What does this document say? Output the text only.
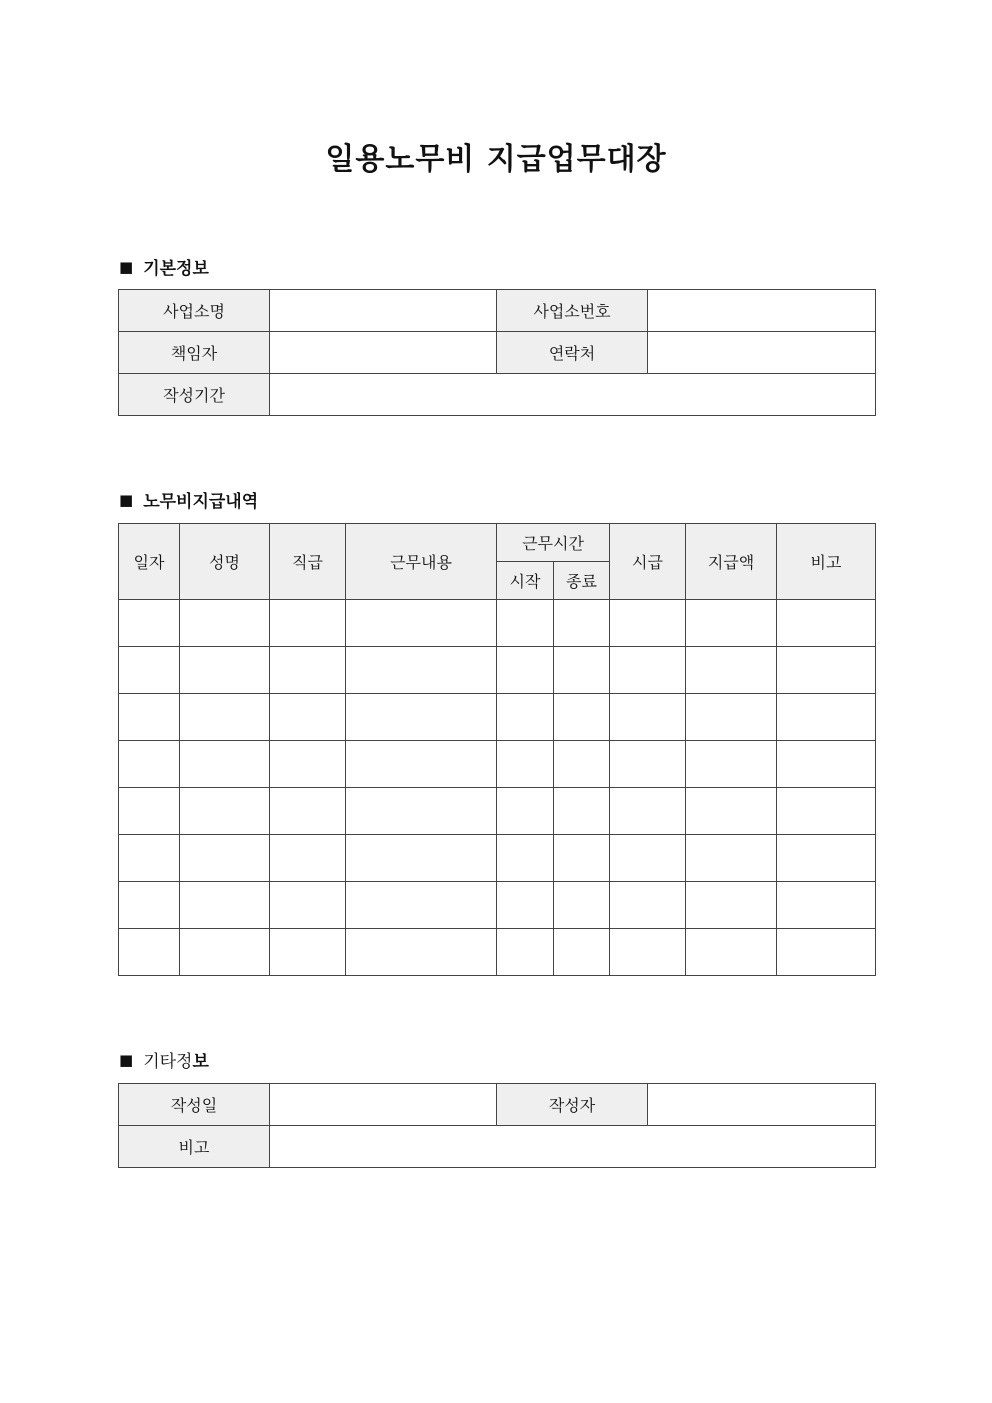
일용노무비 지급업무대장
■ 기본정보
사업소명		사업소번호	
책임자		연락처	
작성기간			
■ 노무비지급내역
일자	성명	직급	근무내용	근무시간		시급	지급액	비고
				시작	종료			

■ 기타정보
작성일		작성자	
비고			
